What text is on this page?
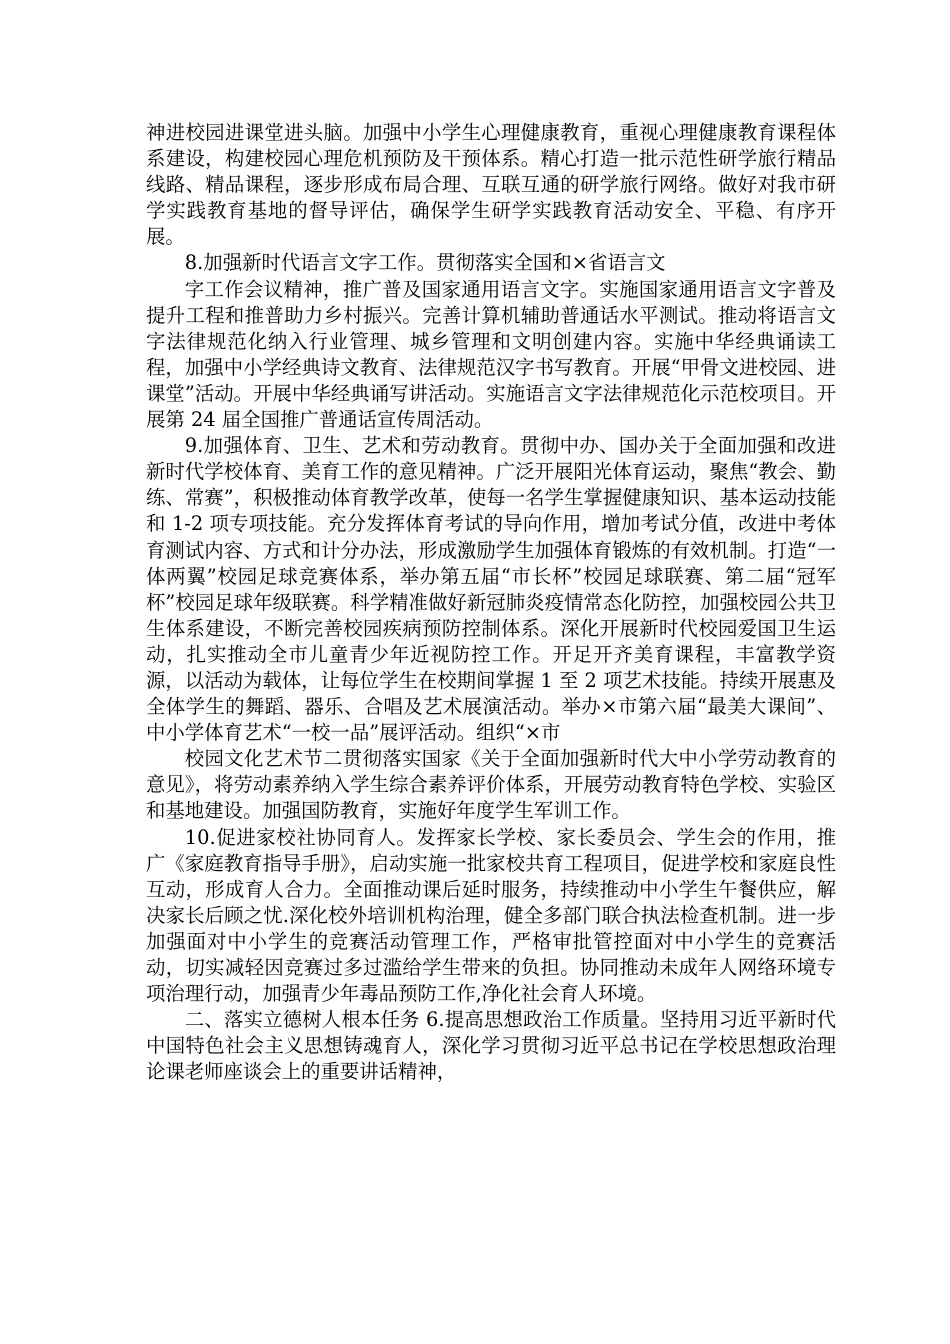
神进校园进课堂进头脑。加强中小学生心理健康教育，重视心理健康教育课程体系建设，构建校园心理危机预防及干预体系。精心打造一批示范性研学旅行精品线路、精品课程，逐步形成布局合理、互联互通的研学旅行网络。做好对我市研学实践教育基地的督导评估，确保学生研学实践教育活动安全、平稳、有序开展。

8.加强新时代语言文字工作。贯彻落实全国和×省语言文

字工作会议精神，推广普及国家通用语言文字。实施国家通用语言文字普及提升工程和推普助力乡村振兴。完善计算机辅助普通话水平测试。推动将语言文字法律规范化纳入行业管理、城乡管理和文明创建内容。实施中华经典诵读工程，加强中小学经典诗文教育、法律规范汉字书写教育。开展“甲骨文进校园、进课堂”活动。开展中华经典诵写讲活动。实施语言文字法律规范化示范校项目。开展第 24 届全国推广普通话宣传周活动。

9.加强体育、卫生、艺术和劳动教育。贯彻中办、国办关于全面加强和改进新时代学校体育、美育工作的意见精神。广泛开展阳光体育运动，聚焦“教会、勤练、常赛”，积极推动体育教学改革，使每一名学生掌握健康知识、基本运动技能和 1-2 项专项技能。充分发挥体育考试的导向作用，增加考试分值，改进中考体育测试内容、方式和计分办法，形成激励学生加强体育锻炼的有效机制。打造“一体两翼”校园足球竞赛体系，举办第五届“市长杯”校园足球联赛、第二届“冠军杯”校园足球年级联赛。科学精准做好新冠肺炎疫情常态化防控，加强校园公共卫生体系建设，不断完善校园疾病预防控制体系。深化开展新时代校园爱国卫生运动，扎实推动全市儿童青少年近视防控工作。开足开齐美育课程，丰富教学资源，以活动为载体，让每位学生在校期间掌握 1 至 2 项艺术技能。持续开展惠及全体学生的舞蹈、器乐、合唱及艺术展演活动。举办×市第六届“最美大课间”、中小学体育艺术“一校一品”展评活动。组织“×市

校园文化艺术节二贯彻落实国家《关于全面加强新时代大中小学劳动教育的意见》，将劳动素养纳入学生综合素养评价体系，开展劳动教育特色学校、实验区和基地建设。加强国防教育，实施好年度学生军训工作。

10.促进家校社协同育人。发挥家长学校、家长委员会、学生会的作用，推广《家庭教育指导手册》，启动实施一批家校共育工程项目，促进学校和家庭良性互动，形成育人合力。全面推动课后延时服务，持续推动中小学生午餐供应，解决家长后顾之忧.深化校外培训机构治理，健全多部门联合执法检查机制。进一步加强面对中小学生的竞赛活动管理工作，严格审批管控面对中小学生的竞赛活动，切实减轻因竞赛过多过滥给学生带来的负担。协同推动未成年人网络环境专项治理行动，加强青少年毒品预防工作,净化社会育人环境。

二、落实立德树人根本任务 6.提高思想政治工作质量。坚持用习近平新时代中国特色社会主义思想铸魂育人，深化学习贯彻习近平总书记在学校思想政治理论课老师座谈会上的重要讲话精神，
